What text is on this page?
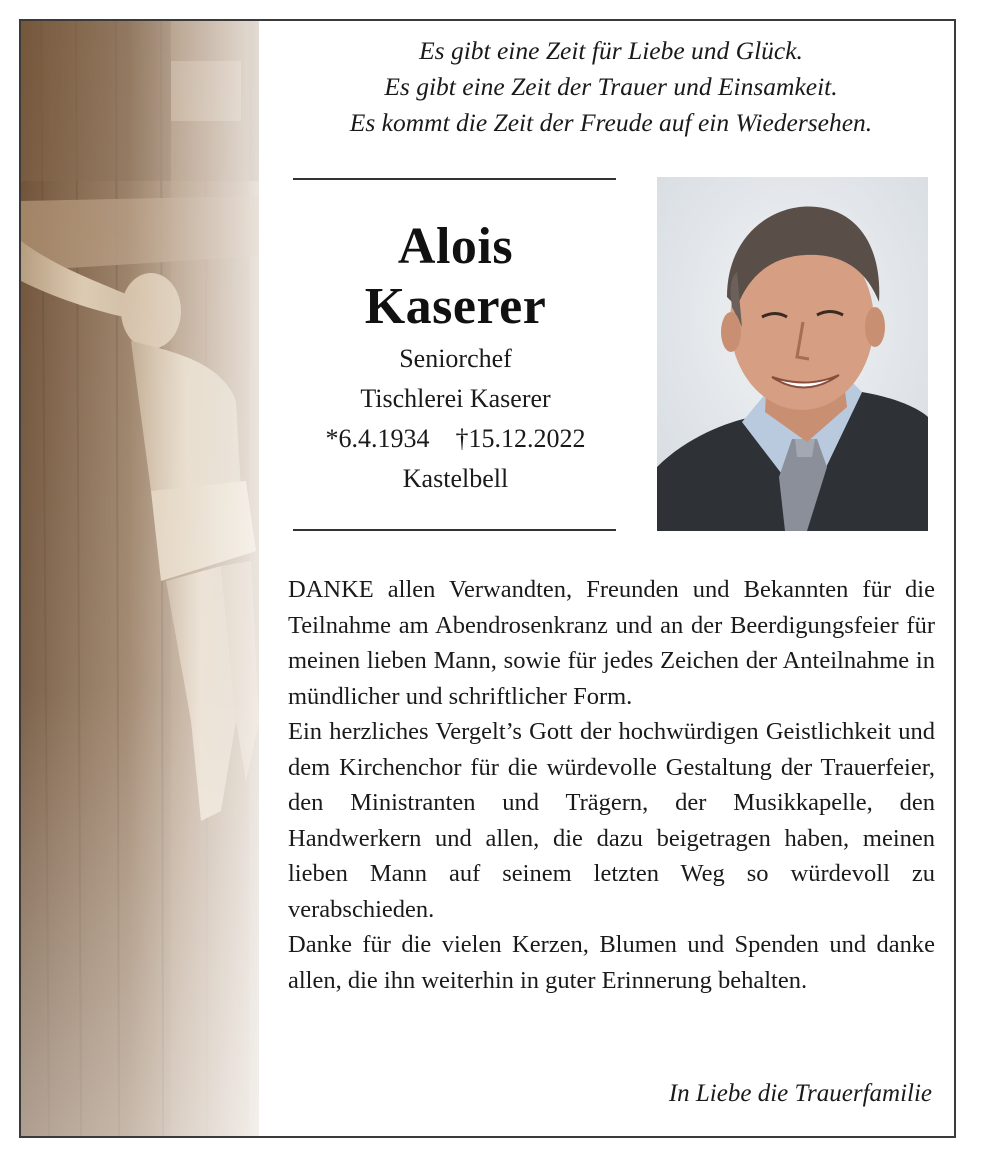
Es gibt eine Zeit für Liebe und Glück.
Es gibt eine Zeit der Trauer und Einsamkeit.
Es kommt die Zeit der Freude auf ein Wiedersehen.
Alois
Kaserer
Seniorchef
Tischlerei Kaserer
*6.4.1934    †15.12.2022
Kastelbell

DANKE allen Verwandten, Freunden und Bekannten für die Teilnahme am Abendrosenkranz und an der Beerdigungsfeier für meinen lieben Mann, sowie für jedes Zeichen der Anteilnahme in mündlicher und schriftlicher Form.

Ein herzliches Vergelt’s Gott der hochwürdigen Geistlichkeit und dem Kirchenchor für die würdevolle Gestaltung der Trauerfeier, den Ministranten und Trägern, der Musikkapelle, den Handwerkern und allen, die dazu beigetragen haben, meinen lieben Mann auf seinem letzten Weg so würdevoll zu verabschieden.

Danke für die vielen Kerzen, Blumen und Spenden und danke allen, die ihn weiterhin in guter Erinnerung behalten.

In Liebe die Trauerfamilie
